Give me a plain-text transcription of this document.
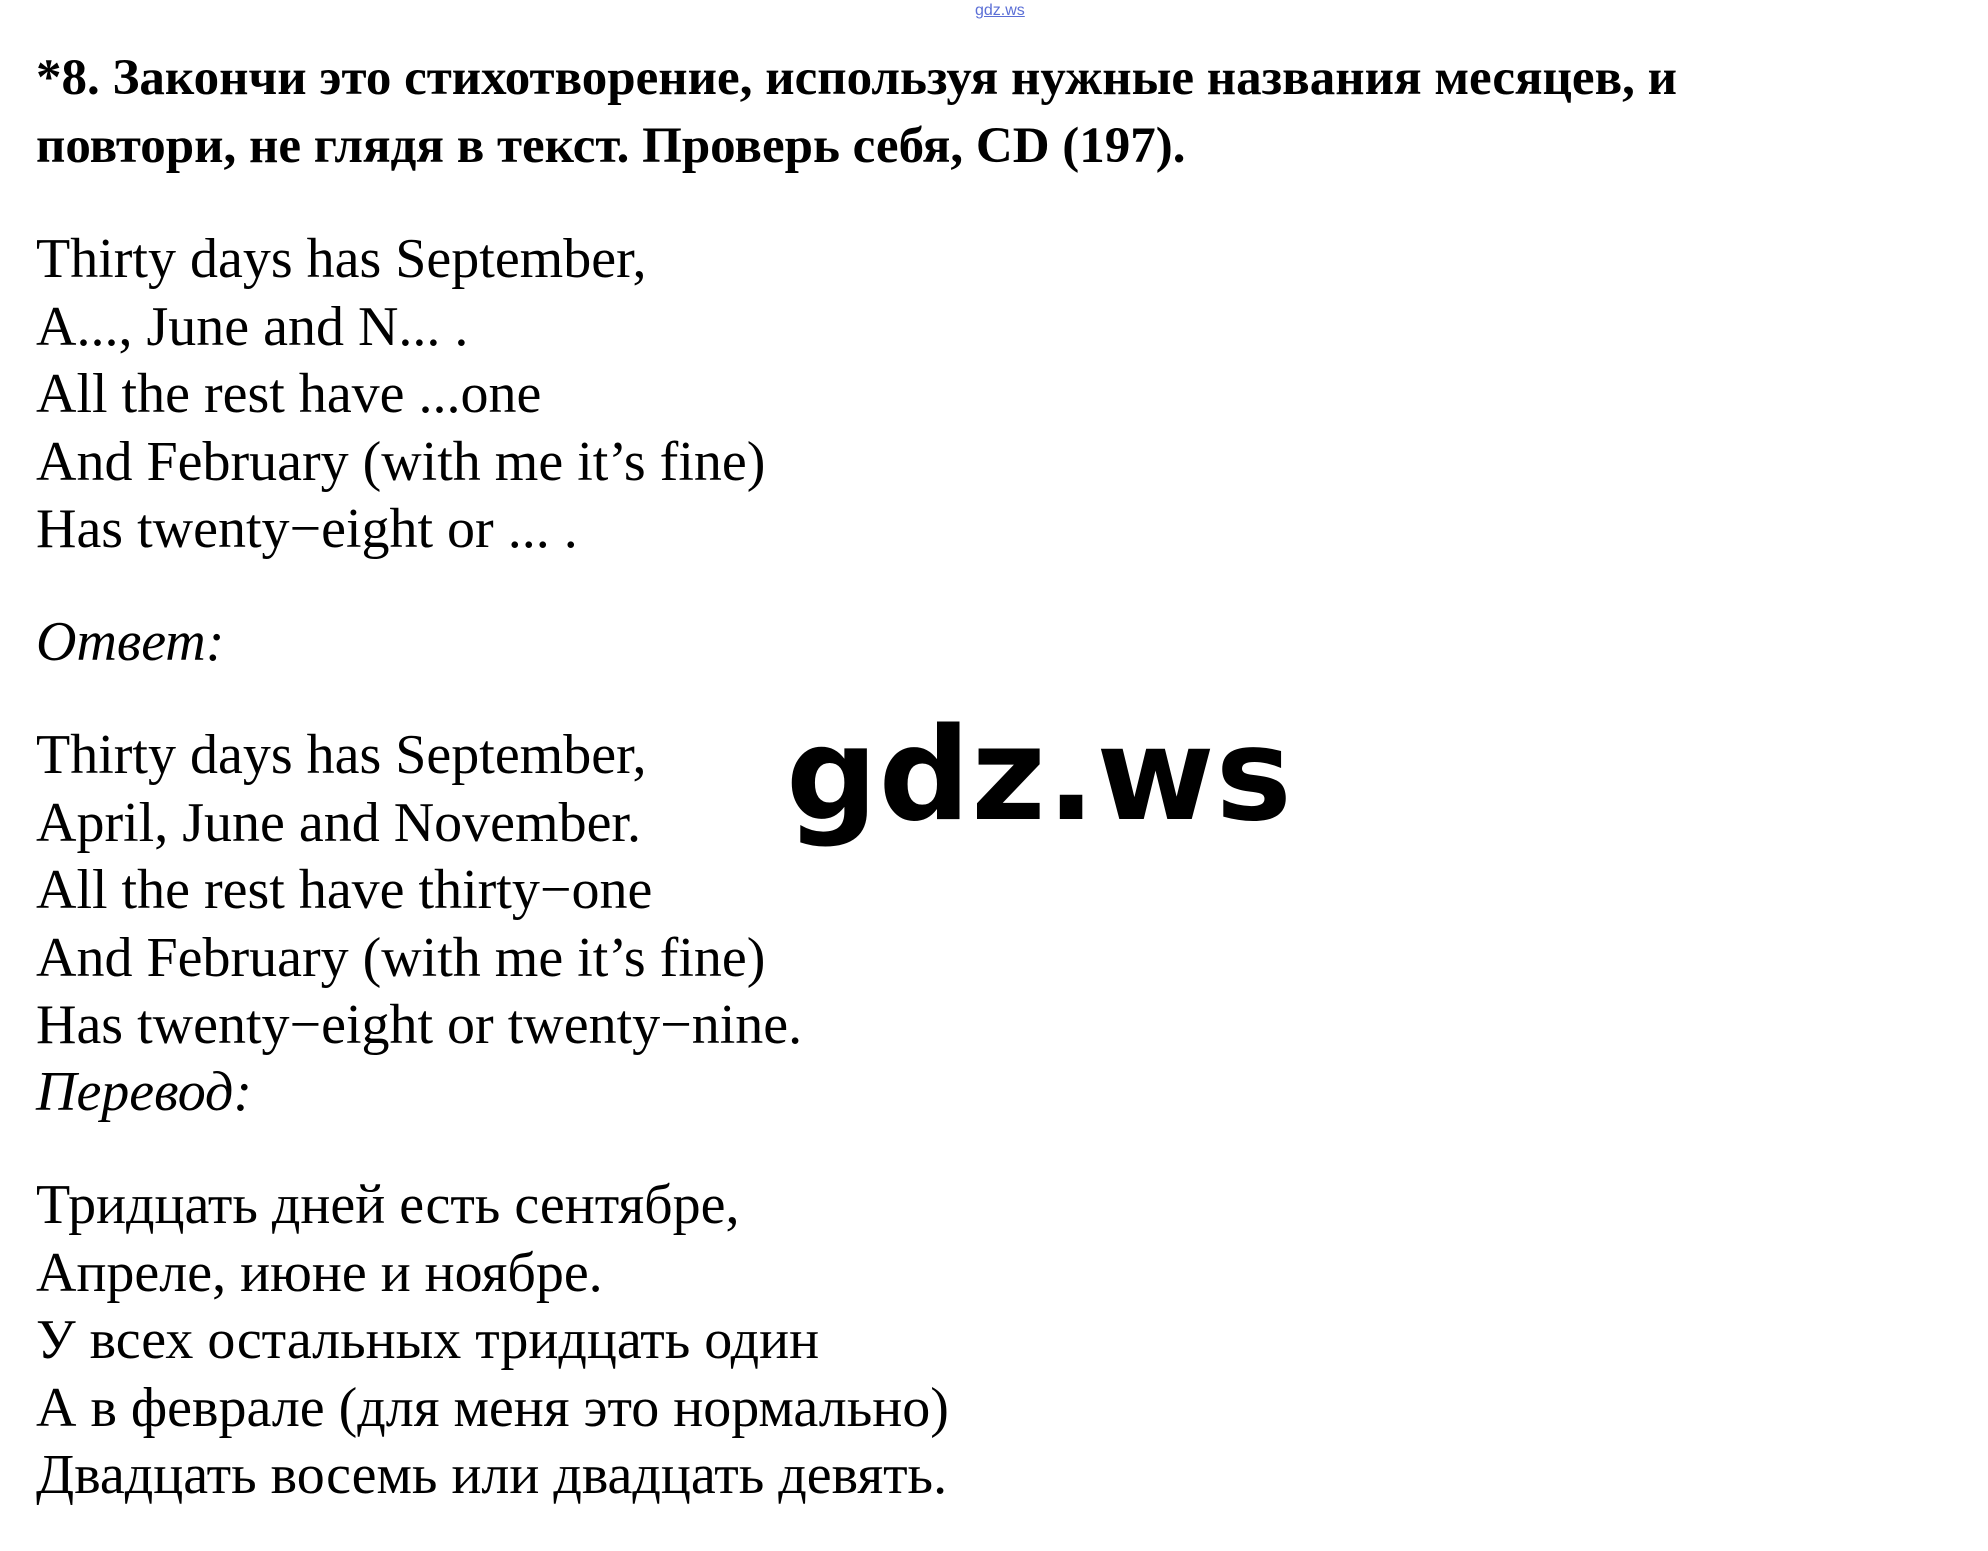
gdz.ws
*8. Закончи это стихотворение, используя нужные названия месяцев, и
повтори, не глядя в текст. Проверь себя, CD (197).
Thirty days has September,
A..., June and N... .
All the rest have ...one
And February (with me it’s fine)
Has twenty−eight or ... .
Ответ:
Thirty days has September,
April, June and November.
All the rest have thirty−one
And February (with me it’s fine)
Has twenty−eight or twenty−nine.
gdz.ws
Перевод:
Тридцать дней есть сентябре,
Апреле, июне и ноябре.
У всех остальных тридцать один
А в феврале (для меня это нормально)
Двадцать восемь или двадцать девять.
